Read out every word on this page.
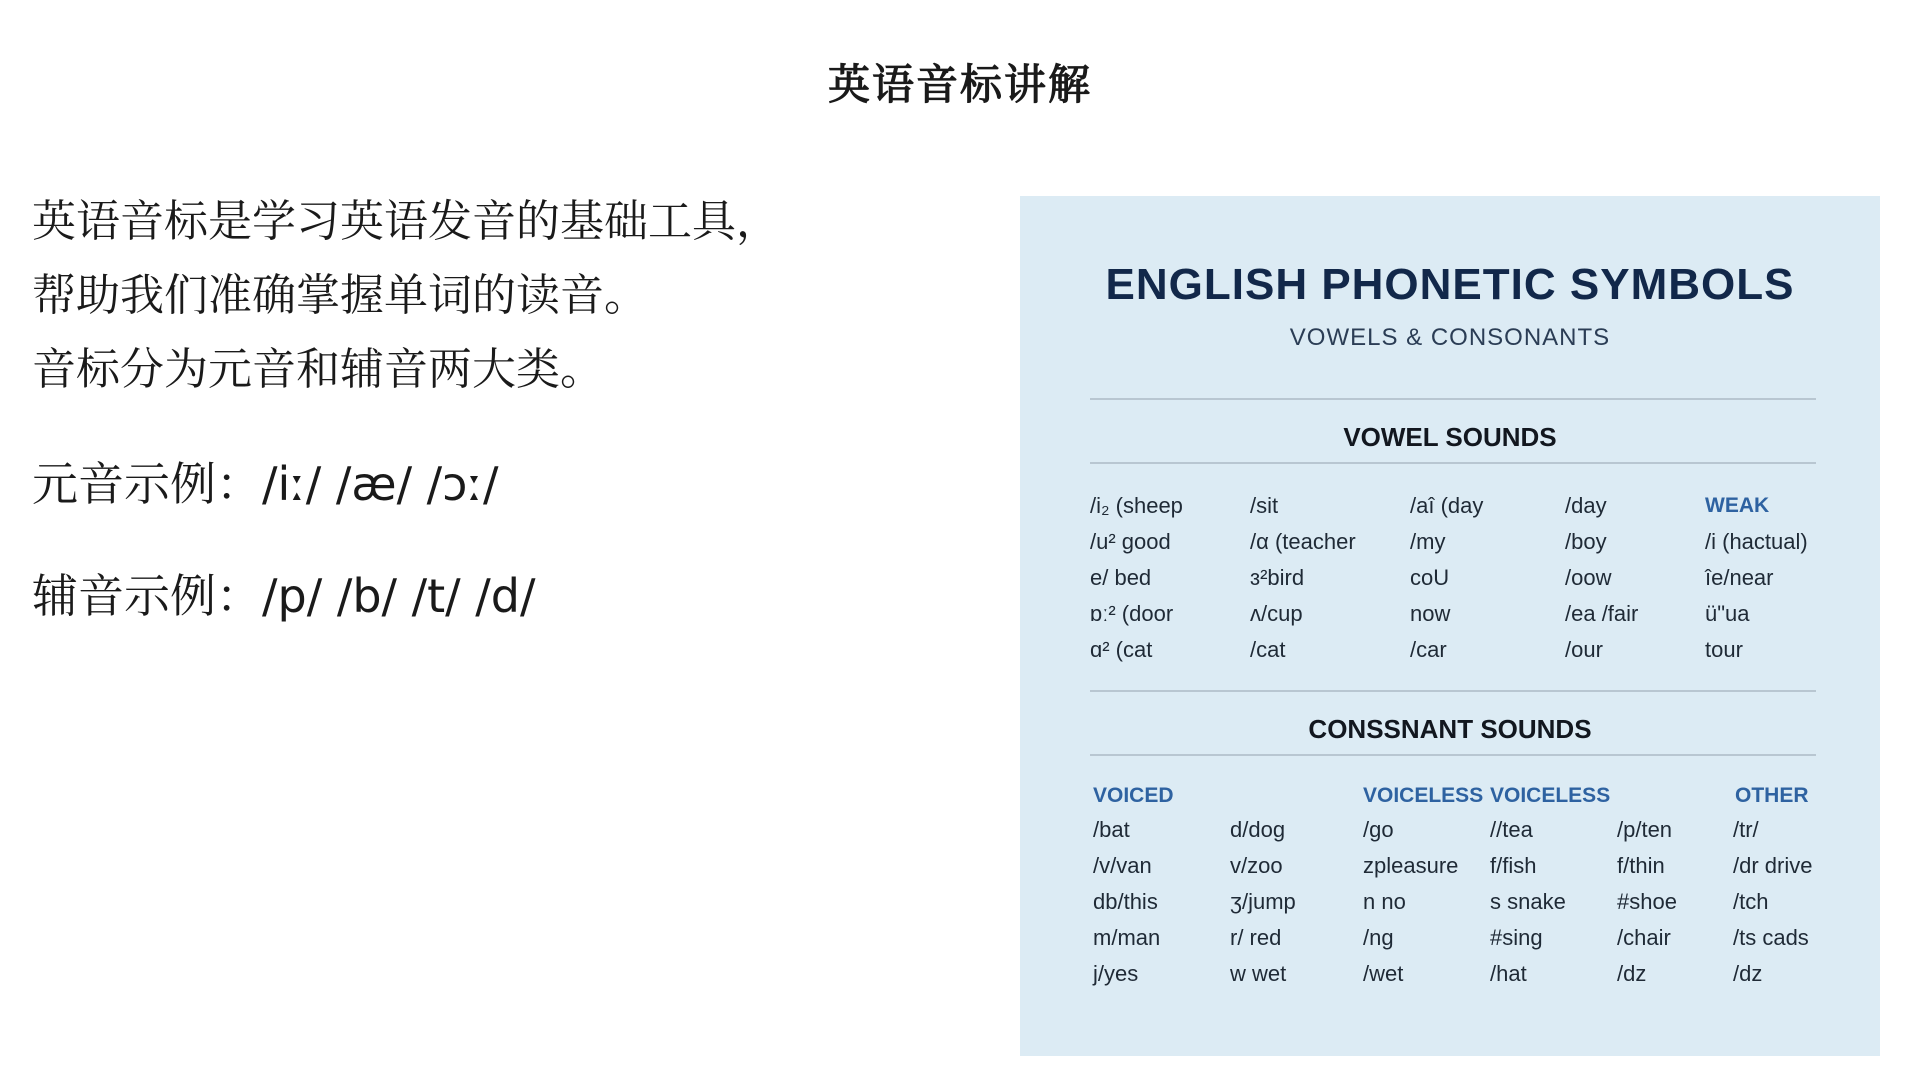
英语音标讲解
英语音标是学习英语发音的基础工具，
帮助我们准确掌握单词的读音。
音标分为元音和辅音两大类。
元音示例：/iː/ /æ/ /ɔː/
辅音示例：/p/ /b/ /t/ /d/
ENGLISH PHONETIC SYMBOLS
VOWELS & CONSONANTS
VOWEL SOUNDS
/i₂ (sheep
/u² good
e/ bed
ɒː² (door
ɑ² (cat
/sit
/α (teacher
ɜ²bird
ʌ/cup
/cat
/aî (day
/my
coU
now
/car
/day
/boy
/oow
/ea /fair
/our
WEAK
/i (hactual)
îe/near
ü"ua
tour
CONSSNANT SOUNDS
VOICED	VOICELESS VOICELESS	OTHER
/bat
/v/van
db/this
m/man
j/yes
d/dog
v/zoo
ʒ/jump
r/ red
w wet
/go
zpleasure
n no
/ng
/wet
//tea
f/fish
s snake
#sing
/hat
/p/ten
f/thin
#shoe
/chair
/dz
/tr/
/dr drive
/tch
/ts cads
/dz
